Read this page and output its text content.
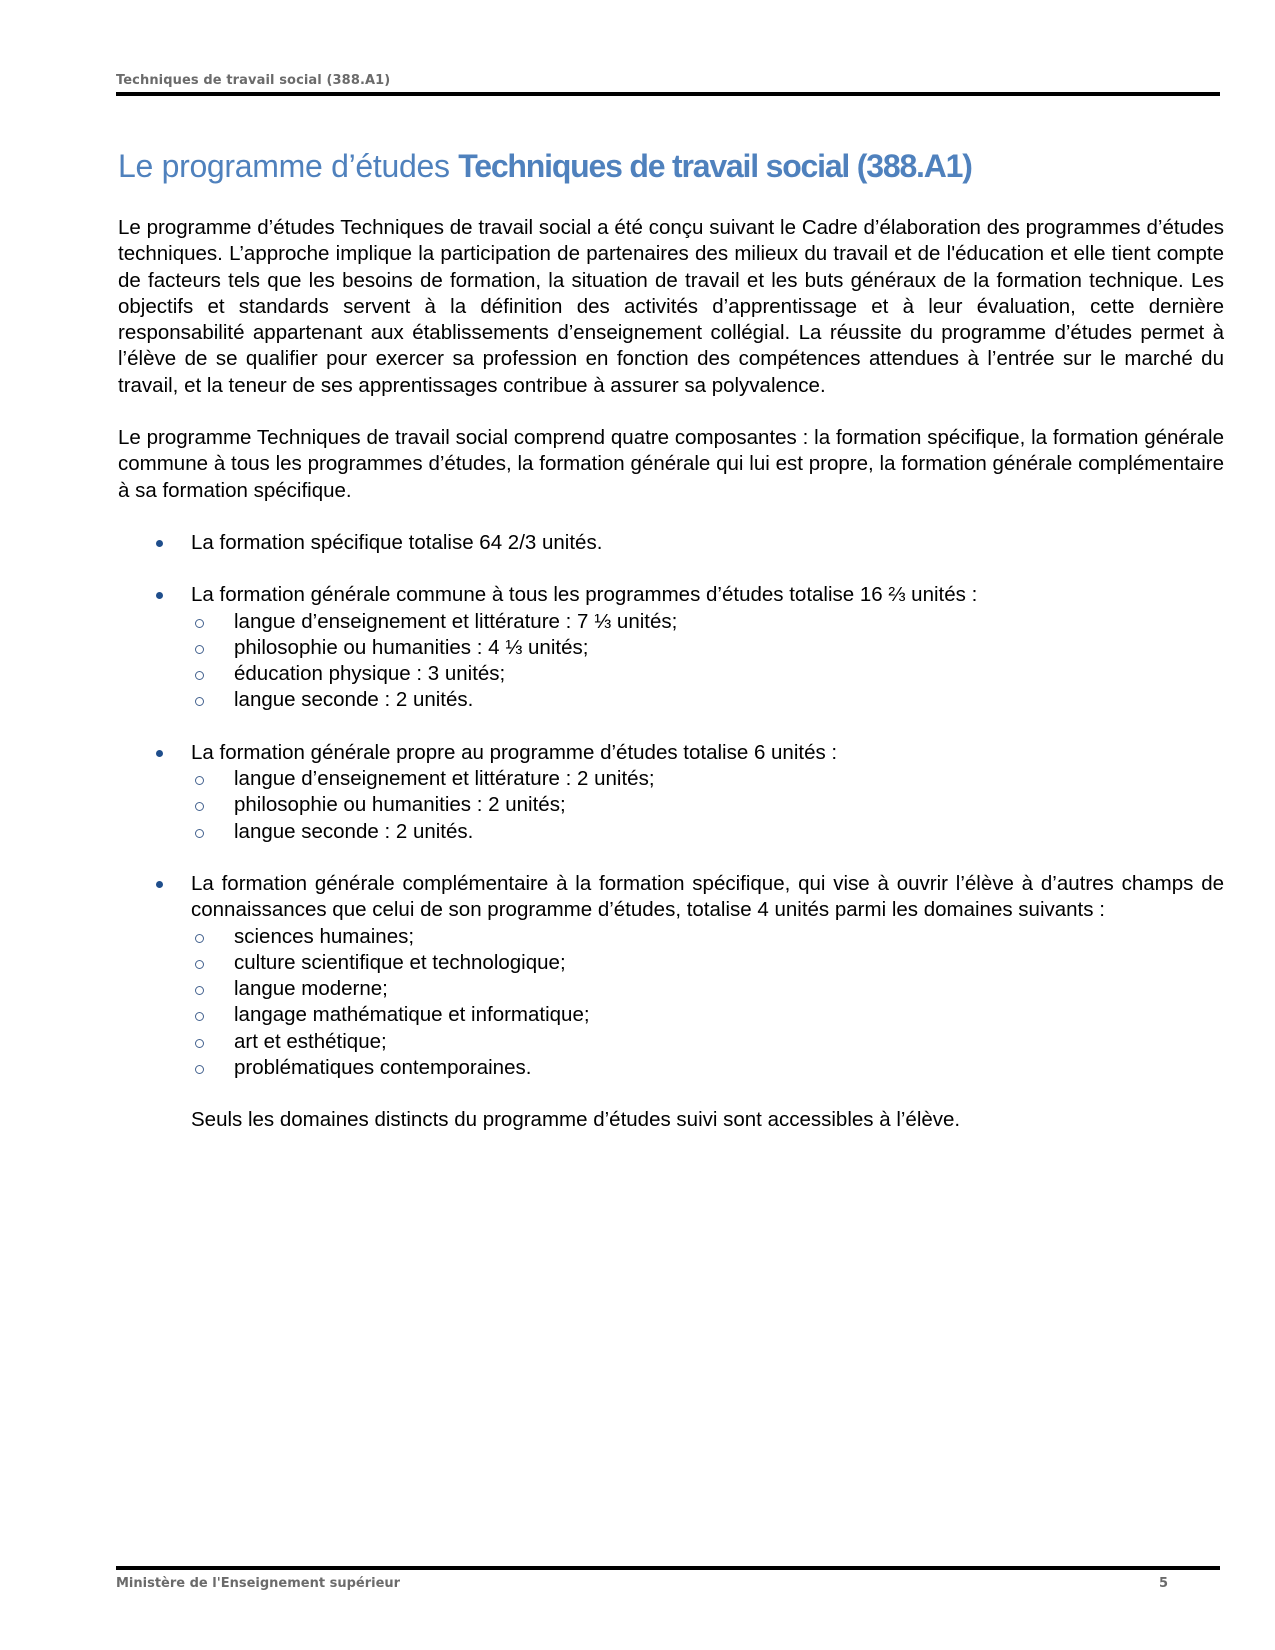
Techniques de travail social (388.A1)
Le programme d’études Techniques de travail social (388.A1)

Le programme d’études Techniques de travail social a été conçu suivant le Cadre d’élaboration des programmes d’études techniques. L’approche implique la participation de partenaires des milieux du travail et de l'éducation et elle tient compte de facteurs tels que les besoins de formation, la situation de travail et les buts généraux de la formation technique. Les objectifs et standards servent à la définition des activités d’apprentissage et à leur évaluation, cette dernière responsabilité appartenant aux établissements d’enseignement collégial. La réussite du programme d’études permet à l’élève de se qualifier pour exercer sa profession en fonction des compétences attendues à l’entrée sur le marché du travail, et la teneur de ses apprentissages contribue à assurer sa polyvalence.

Le programme Techniques de travail social comprend quatre composantes : la formation spécifique, la formation générale commune à tous les programmes d’études, la formation générale qui lui est propre, la formation générale complémentaire à sa formation spécifique.

La formation spécifique totalise 64 2/3 unités.
La formation générale commune à tous les programmes d’études totalise 16 ⅔ unités :
langue d’enseignement et littérature : 7 ⅓ unités;
philosophie ou humanities : 4 ⅓ unités;
éducation physique : 3 unités;
langue seconde : 2 unités.
La formation générale propre au programme d’études totalise 6 unités :
langue d’enseignement et littérature : 2 unités;
philosophie ou humanities : 2 unités;
langue seconde : 2 unités.
La formation générale complémentaire à la formation spécifique, qui vise à ouvrir l’élève à d’autres champs de connaissances que celui de son programme d’études, totalise 4 unités parmi les domaines suivants :
sciences humaines;
culture scientifique et technologique;
langue moderne;
langage mathématique et informatique;
art et esthétique;
problématiques contemporaines.

Seuls les domaines distincts du programme d’études suivi sont accessibles à l’élève.

Ministère de l'Enseignement supérieur	5
